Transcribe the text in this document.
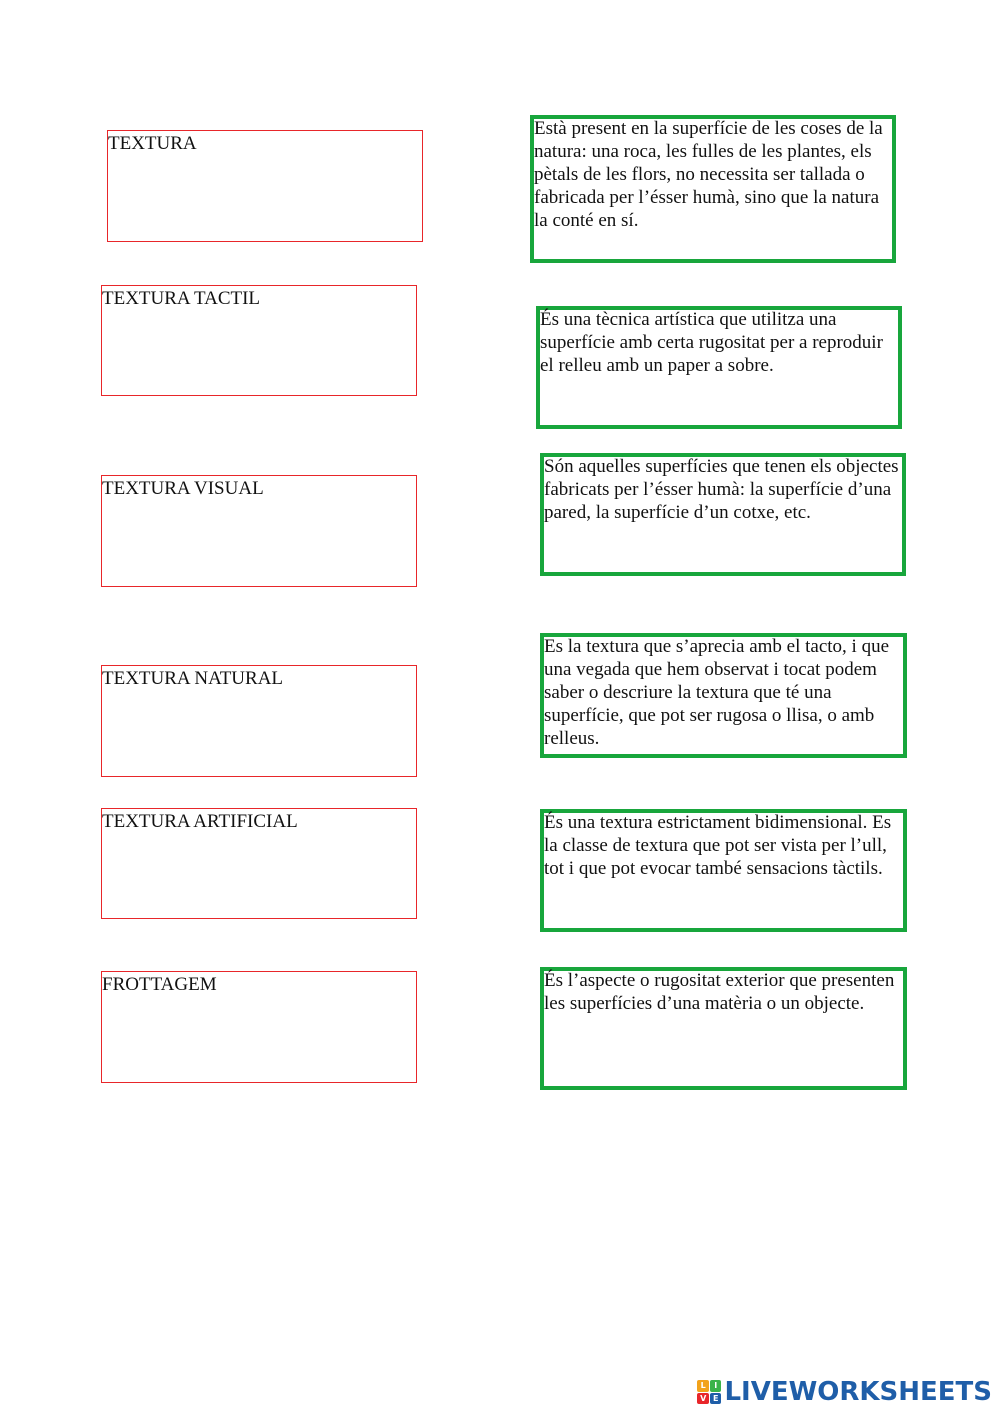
TEXTURA
TEXTURA TACTIL
TEXTURA VISUAL
TEXTURA NATURAL
TEXTURA ARTIFICIAL
FROTTAGEM
Està present en la superfície de les coses de la natura: una roca, les fulles de les plantes, els pètals de les flors, no necessita ser tallada o fabricada per l’ésser humà, sino que la natura la conté en sí.
És una tècnica artística que utilitza una superfície amb certa rugositat per a reproduir el relleu amb un paper a sobre.
Són aquelles superfícies que tenen els objectes fabricats per l’ésser humà: la superfície d’una pared, la superfície d’un cotxe, etc.
Es la textura que s’aprecia amb el tacto, i que una vegada que hem observat i tocat podem saber o descriure la textura que té una superfície, que pot ser rugosa o llisa, o amb relleus.
És una textura estrictament bidimensional. Es la classe de textura que pot ser vista per l’ull, tot i que pot evocar també sensacions tàctils.
És l’aspecte o rugositat exterior que presenten les superfícies d’una matèria o un objecte.
L	I
V E LIVEWORKSHEETS
